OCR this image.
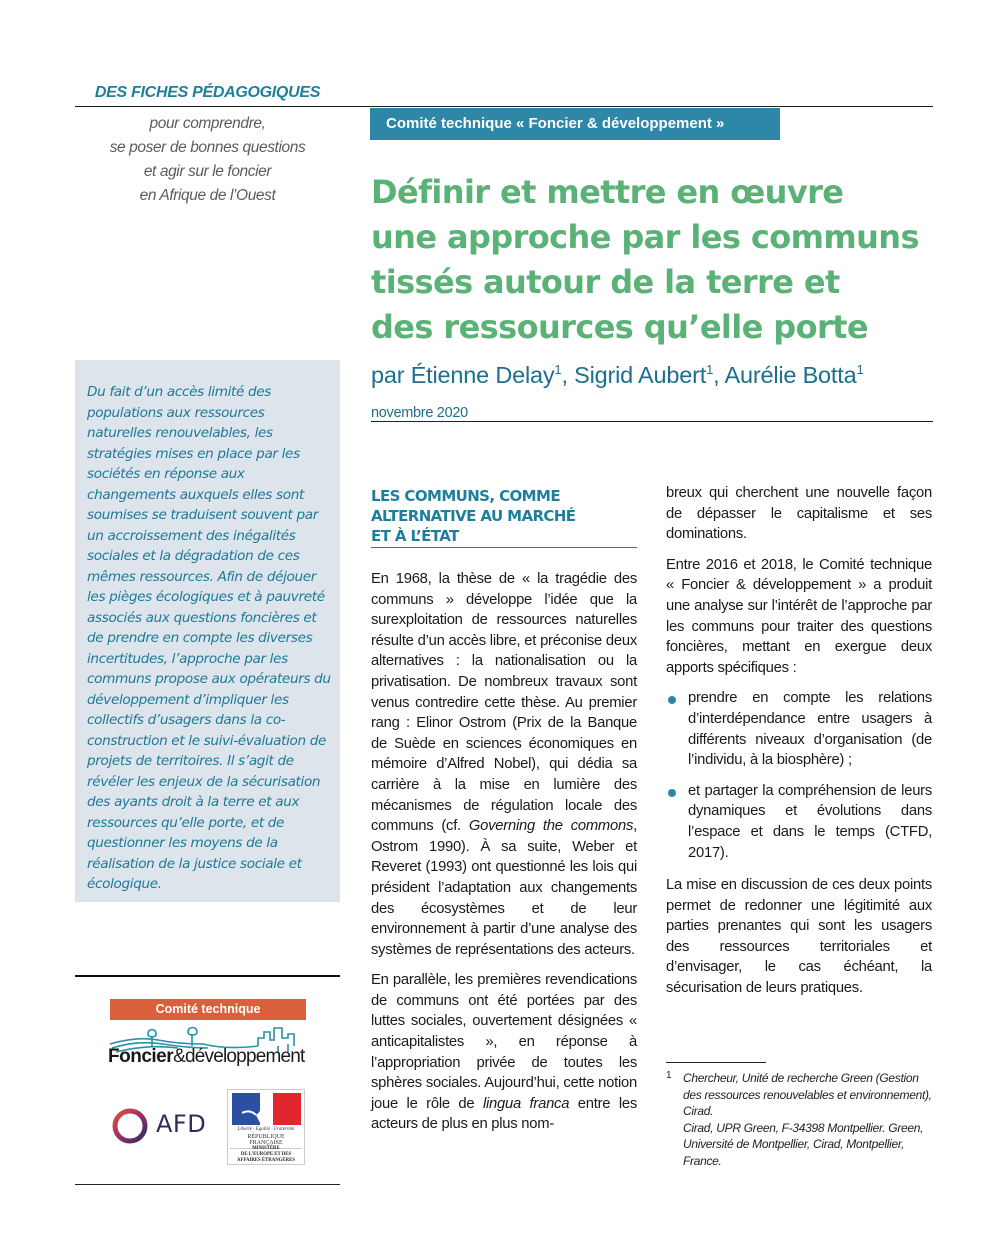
DES FICHES PÉDAGOGIQUES
pour comprendre,
se poser de bonnes questions
et agir sur le foncier
en Afrique de l’Ouest
Comité technique « Foncier & développement »
Définir et mettre en œuvre
une approche par les communs
tissés autour de la terre et
des ressources qu’elle porte
par Étienne Delay$^1$, Sigrid Aubert$^1$, Aurélie Botta$^1$
novembre 2020

Du fait d’un accès limité des populations aux ressources naturelles renouvelables, les stratégies mises en place par les sociétés en réponse aux changements auxquels elles sont soumises se traduisent souvent par un accroissement des inégalités sociales et la dégradation de ces mêmes ressources. Afin de déjouer les pièges écologiques et à pauvreté associés aux questions foncières et de prendre en compte les diverses incertitudes, l’approche par les communs propose aux opérateurs du développement d’impliquer les collectifs d’usagers dans la co-construction et le suivi-évaluation de projets de territoires. Il s’agit de révéler les enjeux de la sécurisation des ayants droit à la terre et aux ressources qu’elle porte, et de questionner les moyens de la réalisation de la justice sociale et écologique.

Comité technique
Foncier&développement
AFD	Liberté · Égalité · Fraternité
RÉPUBLIQUE FRANÇAISE
MINISTÈRE
DE L’EUROPE ET DES
AFFAIRES ÉTRANGÈRES
LES COMMUNS, COMME
ALTERNATIVE AU MARCHÉ
ET À L’ÉTAT

En 1968, la thèse de « la tragédie des communs » développe l’idée que la surexploitation de ressources naturelles résulte d’un accès libre, et préconise deux alternatives : la nationalisation ou la privatisation. De nombreux travaux sont venus contredire cette thèse. Au premier rang : Elinor Ostrom (Prix de la Banque de Suède en sciences économiques en mémoire d’Alfred Nobel), qui dédia sa carrière à la mise en lumière des mécanismes de régulation locale des communs (cf. Governing the commons, Ostrom 1990). À sa suite, Weber et Reveret (1993) ont questionné les lois qui président l’adaptation aux changements des écosystèmes et de leur environnement à partir d’une analyse des systèmes de représentations des acteurs.

En parallèle, les premières revendications de communs ont été portées par des luttes sociales, ouvertement désignées « anticapitalistes », en réponse à l’appropriation privée de toutes les sphères sociales. Aujourd’hui, cette notion joue le rôle de lingua franca entre les acteurs de plus en plus nom-

breux qui cherchent une nouvelle façon de dépasser le capitalisme et ses dominations.

Entre 2016 et 2018, le Comité technique « Foncier & développement » a produit une analyse sur l’intérêt de l’approche par les communs pour traiter des questions foncières, mettant en exergue deux apports spécifiques :

prendre en compte les relations d’interdépendance entre usagers à différents niveaux d’organisation (de l’individu, à la biosphère) ;
et partager la compréhension de leurs dynamiques et évolutions dans l’espace et dans le temps (CTFD, 2017).

La mise en discussion de ces deux points permet de redonner une légitimité aux parties prenantes qui sont les usagers des ressources territoriales et d’envisager, le cas échéant, la sécurisation de leurs pratiques.

1 Chercheur, Unité de recherche Green (Gestion des ressources renouvelables et environnement), Cirad.
Cirad, UPR Green, F-34398 Montpellier. Green, Université de Montpellier, Cirad, Montpellier, France.
